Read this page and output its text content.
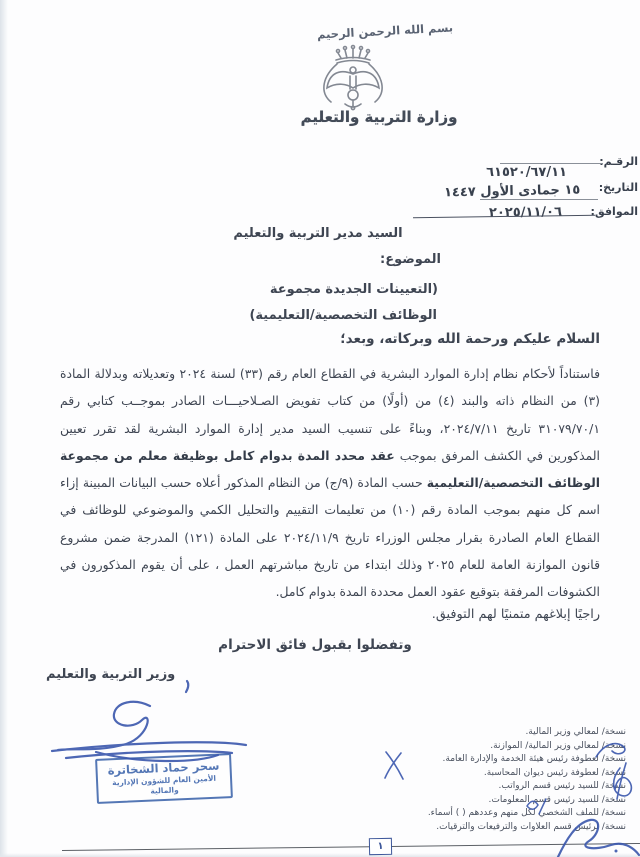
بسم الله الرحمن الرحيم
وزارة التربية والتعليم
الرقـم:
٦١٥٢٠/٦٧/١١
التاريخ:
١٥ جمادى الأول ١٤٤٧
الموافق:
٢٠٢٥/١١/٠٦
السيد مدير التربية والتعليم
الموضوع:
(التعيينات الجديدة مجموعة
الوظائف التخصصية/التعليمية)
السلام عليكم ورحمة الله وبركاته، وبعد؛
فاستناداً لأحكام نظام إدارة الموارد البشرية في القطاع العام رقم (٣٣) لسنة ٢٠٢٤ وتعديلاته وبدلالة المادة (٣) من النظام ذاته والبند (٤) من (أولًا) من كتاب تفويض الصـلاحيـــات الصادر بموجــب كتابي رقم ٣١٠٧٩/٧٠/١ تاريخ ٢٠٢٤/٧/١١، وبناءً على تنسيب السيد مدير إدارة الموارد البشرية لقد تقرر تعيين المذكورين في الكشف المرفق بموجب عقد محدد المدة بدوام كامل بوظيفة معلم من مجموعة الوظائف التخصصية/التعليمية حسب المادة (٩/ج) من النظام المذكور أعلاه حسب البيانات المبينة إزاء اسم كل منهم بموجب المادة رقم (١٠) من تعليمات التقييم والتحليل الكمي والموضوعي للوظائف في القطاع العام الصادرة بقرار مجلس الوزراء تاريخ ٢٠٢٤/١١/٩ على المادة (١٢١) المدرجة ضمن مشروع قانون الموازنة العامة للعام ٢٠٢٥ وذلك ابتداء من تاريخ مباشرتهم العمل ، على أن يقوم المذكورون في الكشوفات المرفقة بتوقيع عقود العمل محددة المدة بدوام كامل.
راجيًا إبلاغهم متمنيًا لهم التوفيق.
وتفضلوا بقبول فائق الاحترام
وزير التربية والتعليم
سحر حماد الشخاترة
الأمين العام للشؤون الإدارية والمالية
نسخة/ لمعالي وزير المالية.
نسخة/ لمعالي وزير المالية/ الموازنة.
نسخة/ لعطوفة رئيس هيئة الخدمة والإدارة العامة.
نسخة/ لعطوفة رئيس ديوان المحاسبة.
نسخة/ للسيد رئيس قسم الرواتب.
نسخة/ للسيد رئيس قسم المعلومات.
نسخة/ للملف الشخصي لكل منهم وعددهم ( ) أسماء.
نسخة/ لرئيس قسم العلاوات والترفيعات والترقيات.
١
